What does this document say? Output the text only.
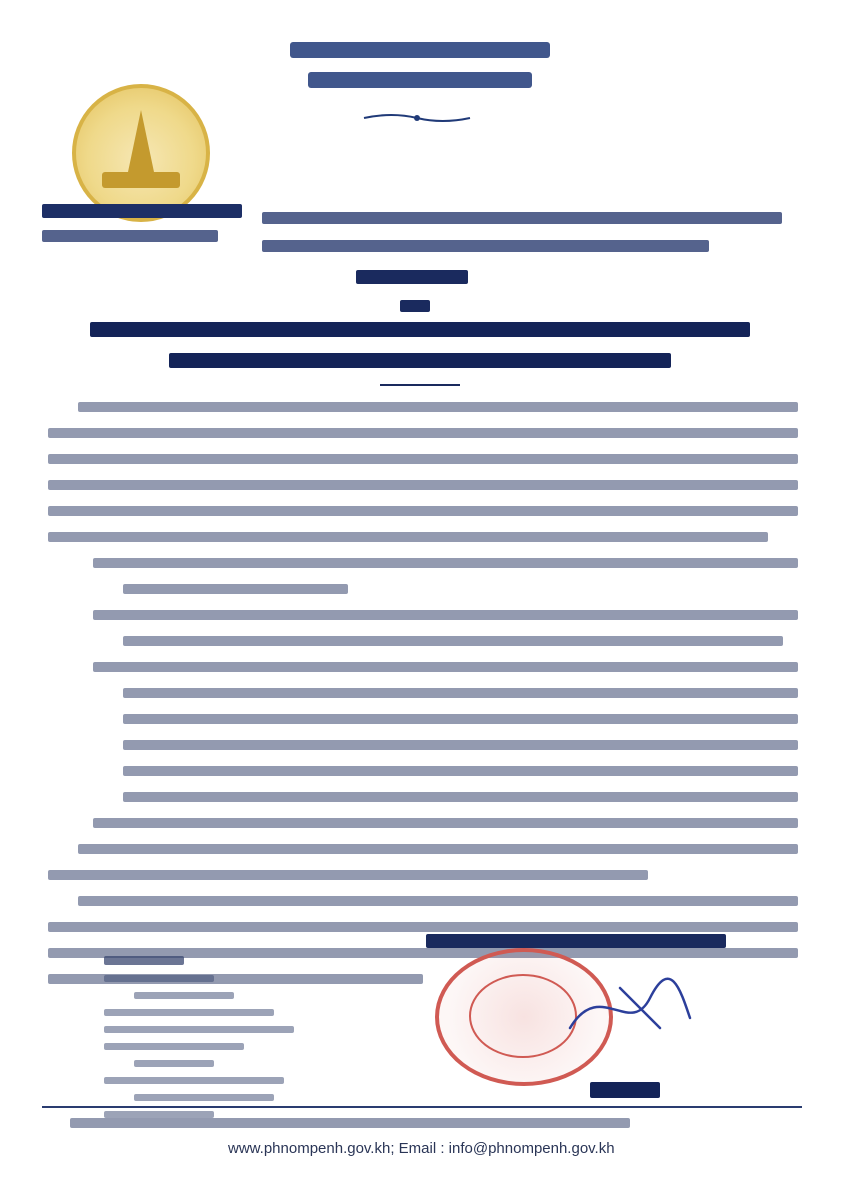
www.phnompenh.gov.kh; Email : info@phnompenh.gov.kh
